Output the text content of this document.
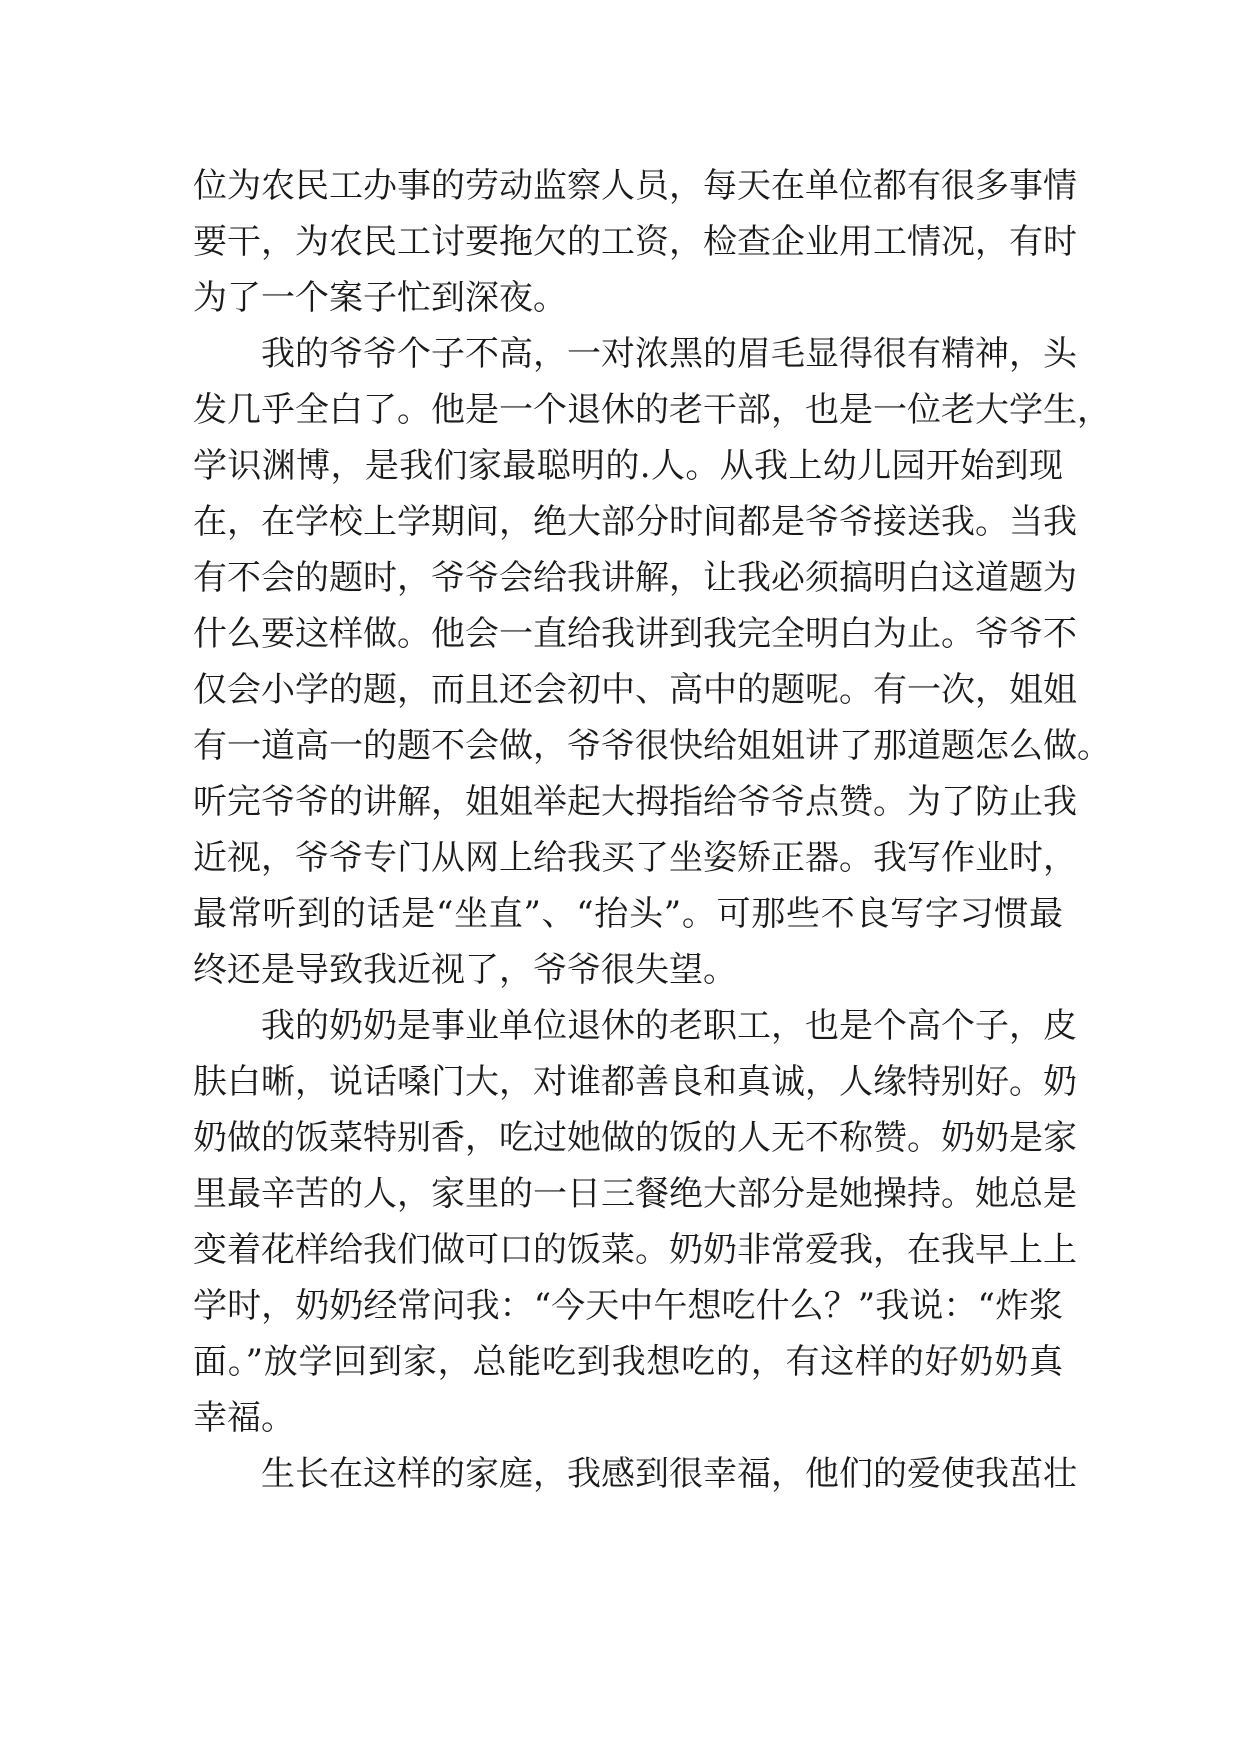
位为农民工办事的劳动监察人员，每天在单位都有很多事情
要干，为农民工讨要拖欠的工资，检查企业用工情况，有时
为了一个案子忙到深夜。
我的爷爷个子不高，一对浓黑的眉毛显得很有精神，头
发几乎全白了。他是一个退休的老干部，也是一位老大学生，
学识渊博，是我们家最聪明的.人。从我上幼儿园开始到现
在，在学校上学期间，绝大部分时间都是爷爷接送我。当我
有不会的题时，爷爷会给我讲解，让我必须搞明白这道题为
什么要这样做。他会一直给我讲到我完全明白为止。爷爷不
仅会小学的题，而且还会初中、高中的题呢。有一次，姐姐
有一道高一的题不会做，爷爷很快给姐姐讲了那道题怎么做。
听完爷爷的讲解，姐姐举起大拇指给爷爷点赞。为了防止我
近视，爷爷专门从网上给我买了坐姿矫正器。我写作业时，
最常听到的话是“坐直”、“抬头”。可那些不良写字习惯最
终还是导致我近视了，爷爷很失望。
我的奶奶是事业单位退休的老职工，也是个高个子，皮
肤白晰，说话嗓门大，对谁都善良和真诚，人缘特别好。奶
奶做的饭菜特别香，吃过她做的饭的人无不称赞。奶奶是家
里最辛苦的人，家里的一日三餐绝大部分是她操持。她总是
变着花样给我们做可口的饭菜。奶奶非常爱我，在我早上上
学时，奶奶经常问我：“今天中午想吃什么？”我说：“炸浆
面。”放学回到家，总能吃到我想吃的，有这样的好奶奶真
幸福。
生长在这样的家庭，我感到很幸福，他们的爱使我茁壮
